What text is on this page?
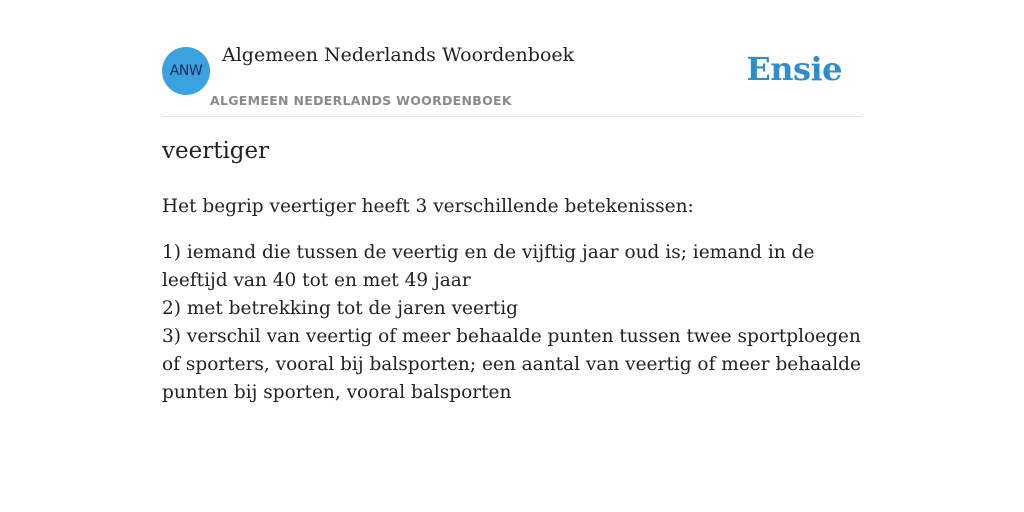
ANW
Algemeen Nederlands Woordenboek
ALGEMEEN NEDERLANDS WOORDENBOEK
Ensie
veertiger
Het begrip veertiger heeft 3 verschillende betekenissen:
1) iemand die tussen de veertig en de vijftig jaar oud is; iemand in de leeftijd van 40 tot en met 49 jaar
2) met betrekking tot de jaren veertig
3) verschil van veertig of meer behaalde punten tussen twee sportploegen of sporters, vooral bij balsporten; een aantal van veertig of meer behaalde punten bij sporten, vooral balsporten
